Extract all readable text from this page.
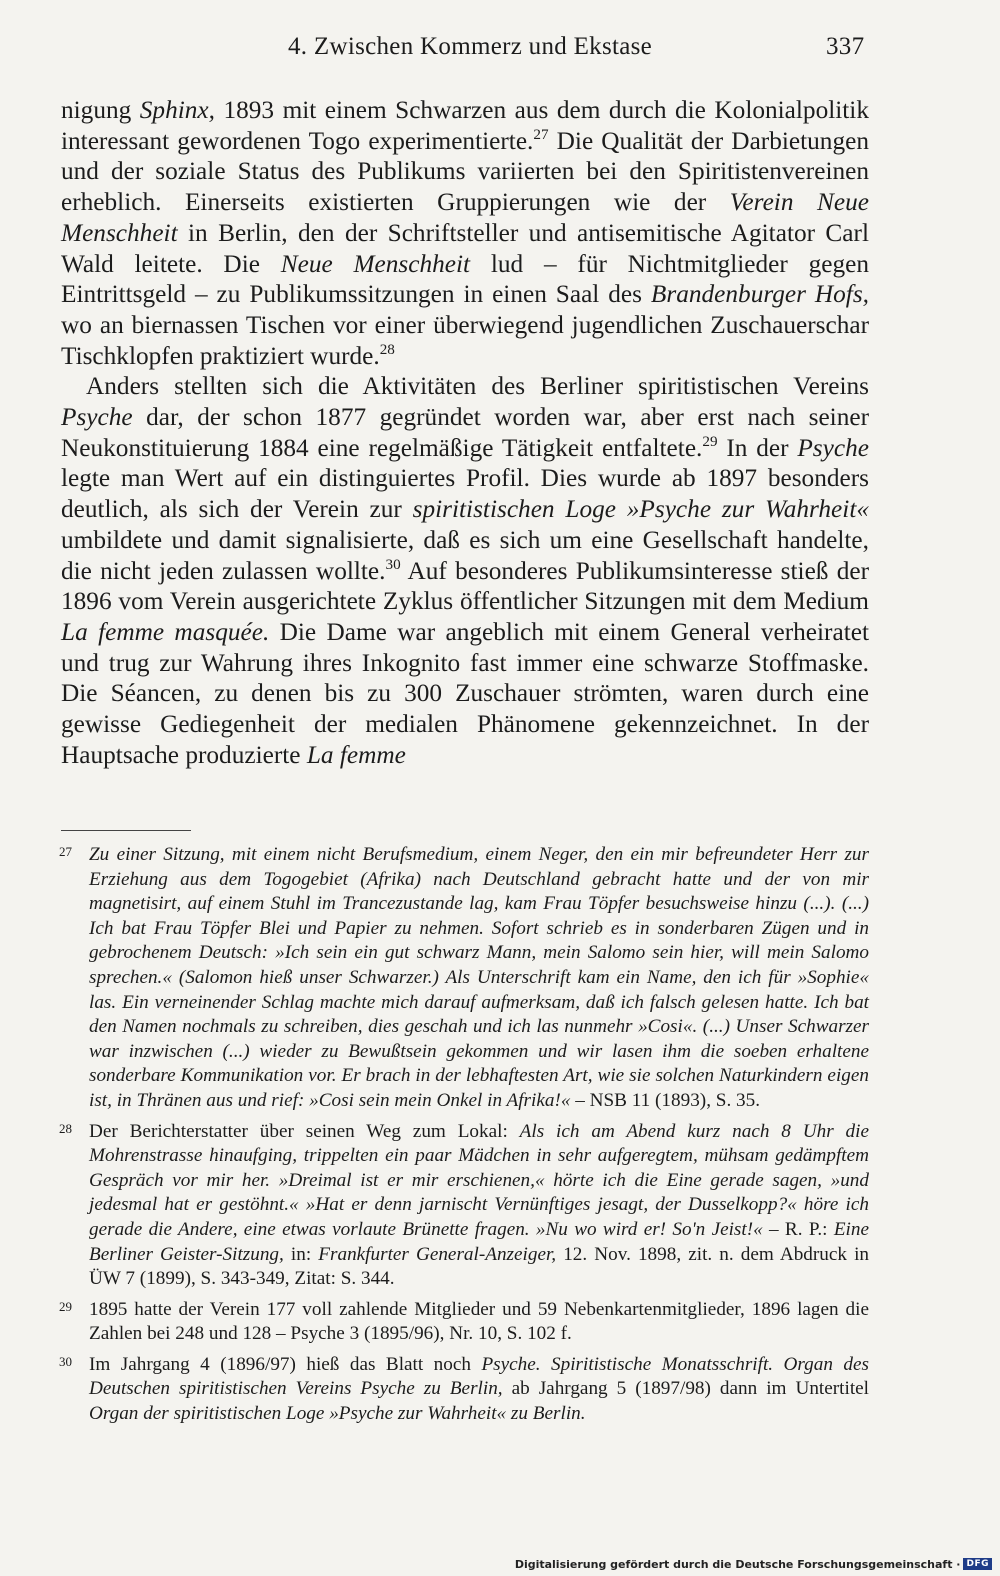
4. Zwischen Kommerz und Ekstase	337

nigung Sphinx, 1893 mit einem Schwarzen aus dem durch die Kolonialpolitik interessant gewordenen Togo experimentierte.$^{27}$ Die Qualität der Darbietungen und der soziale Status des Publikums variierten bei den Spiritistenvereinen erheblich. Einerseits existierten Gruppierungen wie der Verein Neue Menschheit in Berlin, den der Schriftsteller und antisemitische Agitator Carl Wald leitete. Die Neue Menschheit lud – für Nichtmitglieder gegen Eintrittsgeld – zu Publikumssitzungen in einen Saal des Brandenburger Hofs, wo an biernassen Tischen vor einer überwiegend jugendlichen Zuschauerschar Tischklopfen praktiziert wurde.$^{28}$

Anders stellten sich die Aktivitäten des Berliner spiritistischen Vereins Psyche dar, der schon 1877 gegründet worden war, aber erst nach seiner Neukonstituierung 1884 eine regelmäßige Tätigkeit entfaltete.$^{29}$ In der Psyche legte man Wert auf ein distinguiertes Profil. Dies wurde ab 1897 besonders deutlich, als sich der Verein zur spiritistischen Loge »Psyche zur Wahrheit« umbildete und damit signalisierte, daß es sich um eine Gesellschaft handelte, die nicht jeden zulassen wollte.$^{30}$ Auf besonderes Publikumsinteresse stieß der 1896 vom Verein ausgerichtete Zyklus öffentlicher Sitzungen mit dem Medium La femme masquée. Die Dame war angeblich mit einem General verheiratet und trug zur Wahrung ihres Inkognito fast immer eine schwarze Stoffmaske. Die Séancen, zu denen bis zu 300 Zuschauer strömten, waren durch eine gewisse Gediegenheit der medialen Phänomene gekennzeichnet. In der Hauptsache produzierte La femme

27 Zu einer Sitzung, mit einem nicht Berufsmedium, einem Neger, den ein mir befreundeter Herr zur Erziehung aus dem Togogebiet (Afrika) nach Deutschland gebracht hatte und der von mir magnetisirt, auf einem Stuhl im Trancezustande lag, kam Frau Töpfer besuchsweise hinzu (...). (...) Ich bat Frau Töpfer Blei und Papier zu nehmen. Sofort schrieb es in sonderbaren Zügen und in gebrochenem Deutsch: »Ich sein ein gut schwarz Mann, mein Salomo sein hier, will mein Salomo sprechen.« (Salomon hieß unser Schwarzer.) Als Unterschrift kam ein Name, den ich für »Sophie« las. Ein verneinender Schlag machte mich darauf aufmerksam, daß ich falsch gelesen hatte. Ich bat den Namen nochmals zu schreiben, dies geschah und ich las nunmehr »Cosi«. (...) Unser Schwarzer war inzwischen (...) wieder zu Bewußtsein gekommen und wir lasen ihm die soeben erhaltene sonderbare Kommunikation vor. Er brach in der lebhaftesten Art, wie sie solchen Naturkindern eigen ist, in Thränen aus und rief: »Cosi sein mein Onkel in Afrika!« – NSB 11 (1893), S. 35.
28 Der Berichterstatter über seinen Weg zum Lokal: Als ich am Abend kurz nach 8 Uhr die Mohrenstrasse hinaufging, trippelten ein paar Mädchen in sehr aufgeregtem, mühsam gedämpftem Gespräch vor mir her. »Dreimal ist er mir erschienen,« hörte ich die Eine gerade sagen, »und jedesmal hat er gestöhnt.« »Hat er denn jarnischt Vernünftiges jesagt, der Dusselkopp?« höre ich gerade die Andere, eine etwas vorlaute Brünette fragen. »Nu wo wird er! So'n Jeist!« – R. P.: Eine Berliner Geister-Sitzung, in: Frankfurter General-Anzeiger, 12. Nov. 1898, zit. n. dem Abdruck in ÜW 7 (1899), S. 343-349, Zitat: S. 344.
29 1895 hatte der Verein 177 voll zahlende Mitglieder und 59 Nebenkartenmitglieder, 1896 lagen die Zahlen bei 248 und 128 – Psyche 3 (1895/96), Nr. 10, S. 102 f.
30 Im Jahrgang 4 (1896/97) hieß das Blatt noch Psyche. Spiritistische Monatsschrift. Organ des Deutschen spiritistischen Vereins Psyche zu Berlin, ab Jahrgang 5 (1897/98) dann im Untertitel Organ der spiritistischen Loge »Psyche zur Wahrheit« zu Berlin.
Digitalisierung gefördert durch die Deutsche Forschungsgemeinschaft · DFG
